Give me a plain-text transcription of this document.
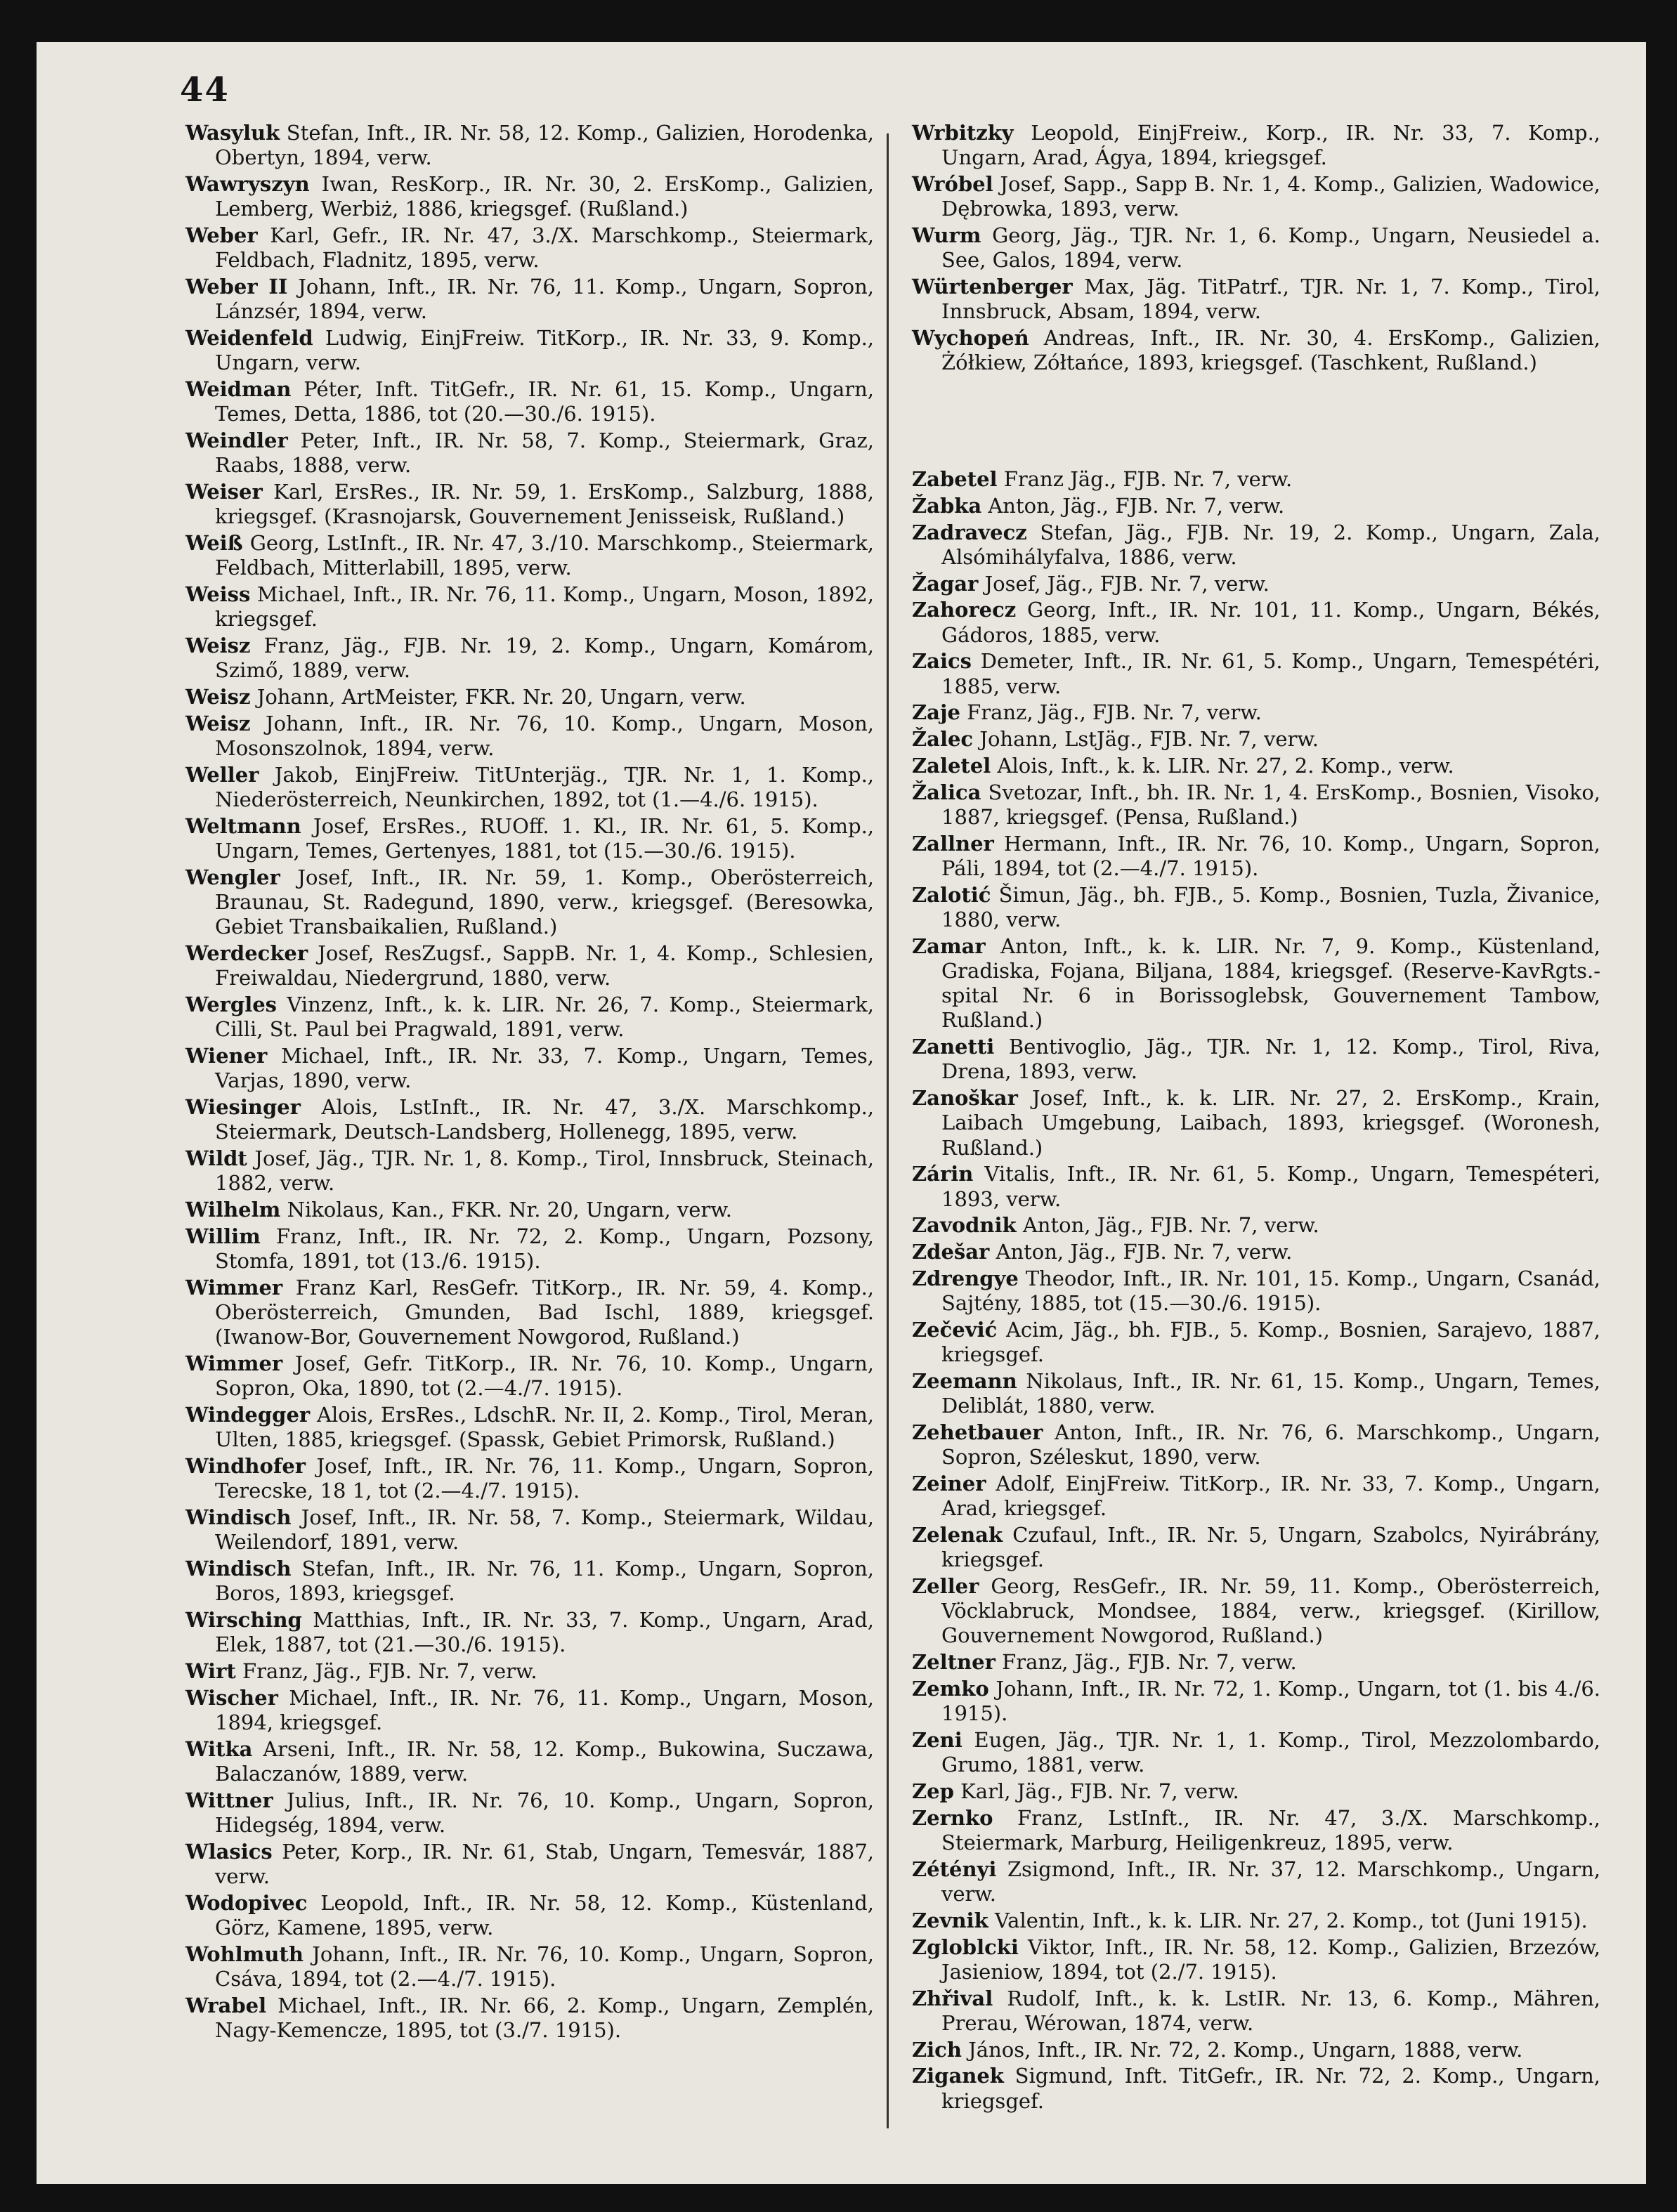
44
Wasyluk Stefan, Inft., IR. Nr. 58, 12. Komp., Galizien, Horodenka, Obertyn, 1894, verw.
Wawryszyn Iwan, ResKorp., IR. Nr. 30, 2. ErsKomp., Galizien, Lemberg, Werbiż, 1886, kriegsgef. (Rußland.)
Weber Karl, Gefr., IR. Nr. 47, 3./X. Marschkomp., Steiermark, Feldbach, Fladnitz, 1895, verw.
Weber II Johann, Inft., IR. Nr. 76, 11. Komp., Ungarn, Sopron, Lánzsér, 1894, verw.
Weidenfeld Ludwig, EinjFreiw. TitKorp., IR. Nr. 33, 9. Komp., Ungarn, verw.
Weidman Péter, Inft. TitGefr., IR. Nr. 61, 15. Komp., Ungarn, Temes, Detta, 1886, tot (20.—30./6. 1915).
Weindler Peter, Inft., IR. Nr. 58, 7. Komp., Steiermark, Graz, Raabs, 1888, verw.
Weiser Karl, ErsRes., IR. Nr. 59, 1. ErsKomp., Salzburg, 1888, kriegsgef. (Krasnojarsk, Gouvernement Jenisseisk, Rußland.)
Weiß Georg, LstInft., IR. Nr. 47, 3./10. Marschkomp., Steiermark, Feldbach, Mitterlabill, 1895, verw.
Weiss Michael, Inft., IR. Nr. 76, 11. Komp., Ungarn, Moson, 1892, kriegsgef.
Weisz Franz, Jäg., FJB. Nr. 19, 2. Komp., Ungarn, Komárom, Szimő, 1889, verw.
Weisz Johann, ArtMeister, FKR. Nr. 20, Ungarn, verw.
Weisz Johann, Inft., IR. Nr. 76, 10. Komp., Ungarn, Moson, Mosonszolnok, 1894, verw.
Weller Jakob, EinjFreiw. TitUnterjäg., TJR. Nr. 1, 1. Komp., Niederösterreich, Neunkirchen, 1892, tot (1.—4./6. 1915).
Weltmann Josef, ErsRes., RUOff. 1. Kl., IR. Nr. 61, 5. Komp., Ungarn, Temes, Gertenyes, 1881, tot (15.—30./6. 1915).
Wengler Josef, Inft., IR. Nr. 59, 1. Komp., Oberösterreich, Braunau, St. Radegund, 1890, verw., kriegsgef. (Beresowka, Gebiet Transbaikalien, Rußland.)
Werdecker Josef, ResZugsf., SappB. Nr. 1, 4. Komp., Schlesien, Freiwaldau, Niedergrund, 1880, verw.
Wergles Vinzenz, Inft., k. k. LIR. Nr. 26, 7. Komp., Steiermark, Cilli, St. Paul bei Pragwald, 1891, verw.
Wiener Michael, Inft., IR. Nr. 33, 7. Komp., Ungarn, Temes, Varjas, 1890, verw.
Wiesinger Alois, LstInft., IR. Nr. 47, 3./X. Marschkomp., Steiermark, Deutsch-Landsberg, Hollenegg, 1895, verw.
Wildt Josef, Jäg., TJR. Nr. 1, 8. Komp., Tirol, Innsbruck, Steinach, 1882, verw.
Wilhelm Nikolaus, Kan., FKR. Nr. 20, Ungarn, verw.
Willim Franz, Inft., IR. Nr. 72, 2. Komp., Ungarn, Pozsony, Stomfa, 1891, tot (13./6. 1915).
Wimmer Franz Karl, ResGefr. TitKorp., IR. Nr. 59, 4. Komp., Oberösterreich, Gmunden, Bad Ischl, 1889, kriegsgef. (Iwanow-Bor, Gouvernement Nowgorod, Rußland.)
Wimmer Josef, Gefr. TitKorp., IR. Nr. 76, 10. Komp., Ungarn, Sopron, Oka, 1890, tot (2.—4./7. 1915).
Windegger Alois, ErsRes., LdschR. Nr. II, 2. Komp., Tirol, Meran, Ulten, 1885, kriegsgef. (Spassk, Gebiet Primorsk, Rußland.)
Windhofer Josef, Inft., IR. Nr. 76, 11. Komp., Ungarn, Sopron, Terecske, 18 1, tot (2.—4./7. 1915).
Windisch Josef, Inft., IR. Nr. 58, 7. Komp., Steiermark, Wildau, Weilendorf, 1891, verw.
Windisch Stefan, Inft., IR. Nr. 76, 11. Komp., Ungarn, Sopron, Boros, 1893, kriegsgef.
Wirsching Matthias, Inft., IR. Nr. 33, 7. Komp., Ungarn, Arad, Elek, 1887, tot (21.—30./6. 1915).
Wirt Franz, Jäg., FJB. Nr. 7, verw.
Wischer Michael, Inft., IR. Nr. 76, 11. Komp., Ungarn, Moson, 1894, kriegsgef.
Witka Arseni, Inft., IR. Nr. 58, 12. Komp., Bukowina, Suczawa, Balaczanów, 1889, verw.
Wittner Julius, Inft., IR. Nr. 76, 10. Komp., Ungarn, Sopron, Hidegség, 1894, verw.
Wlasics Peter, Korp., IR. Nr. 61, Stab, Ungarn, Temesvár, 1887, verw.
Wodopivec Leopold, Inft., IR. Nr. 58, 12. Komp., Küstenland, Görz, Kamene, 1895, verw.
Wohlmuth Johann, Inft., IR. Nr. 76, 10. Komp., Ungarn, Sopron, Csáva, 1894, tot (2.—4./7. 1915).
Wrabel Michael, Inft., IR. Nr. 66, 2. Komp., Ungarn, Zemplén, Nagy-Kemencze, 1895, tot (3./7. 1915).
Wrbitzky Leopold, EinjFreiw., Korp., IR. Nr. 33, 7. Komp., Ungarn, Arad, Ágya, 1894, kriegsgef.
Wróbel Josef, Sapp., Sapp B. Nr. 1, 4. Komp., Galizien, Wadowice, Dębrowka, 1893, verw.
Wurm Georg, Jäg., TJR. Nr. 1, 6. Komp., Ungarn, Neusiedel a. See, Galos, 1894, verw.
Würtenberger Max, Jäg. TitPatrf., TJR. Nr. 1, 7. Komp., Tirol, Innsbruck, Absam, 1894, verw.
Wychopeń Andreas, Inft., IR. Nr. 30, 4. ErsKomp., Galizien, Żółkiew, Zółtańce, 1893, kriegsgef. (Taschkent, Rußland.)
Zabetel Franz Jäg., FJB. Nr. 7, verw.
Žabka Anton, Jäg., FJB. Nr. 7, verw.
Zadravecz Stefan, Jäg., FJB. Nr. 19, 2. Komp., Ungarn, Zala, Alsómihályfalva, 1886, verw.
Žagar Josef, Jäg., FJB. Nr. 7, verw.
Zahorecz Georg, Inft., IR. Nr. 101, 11. Komp., Ungarn, Békés, Gádoros, 1885, verw.
Zaics Demeter, Inft., IR. Nr. 61, 5. Komp., Ungarn, Temespétéri, 1885, verw.
Zaje Franz, Jäg., FJB. Nr. 7, verw.
Žalec Johann, LstJäg., FJB. Nr. 7, verw.
Zaletel Alois, Inft., k. k. LIR. Nr. 27, 2. Komp., verw.
Žalica Svetozar, Inft., bh. IR. Nr. 1, 4. ErsKomp., Bosnien, Visoko, 1887, kriegsgef. (Pensa, Rußland.)
Zallner Hermann, Inft., IR. Nr. 76, 10. Komp., Ungarn, Sopron, Páli, 1894, tot (2.—4./7. 1915).
Zalotić Šimun, Jäg., bh. FJB., 5. Komp., Bosnien, Tuzla, Živanice, 1880, verw.
Zamar Anton, Inft., k. k. LIR. Nr. 7, 9. Komp., Küstenland, Gradiska, Fojana, Biljana, 1884, kriegsgef. (Reserve-KavRgts.-spital Nr. 6 in Borissoglebsk, Gouvernement Tambow, Rußland.)
Zanetti Bentivoglio, Jäg., TJR. Nr. 1, 12. Komp., Tirol, Riva, Drena, 1893, verw.
Zanoškar Josef, Inft., k. k. LIR. Nr. 27, 2. ErsKomp., Krain, Laibach Umgebung, Laibach, 1893, kriegsgef. (Woronesh, Rußland.)
Zárin Vitalis, Inft., IR. Nr. 61, 5. Komp., Ungarn, Temespéteri, 1893, verw.
Zavodnik Anton, Jäg., FJB. Nr. 7, verw.
Zdešar Anton, Jäg., FJB. Nr. 7, verw.
Zdrengye Theodor, Inft., IR. Nr. 101, 15. Komp., Ungarn, Csanád, Sajtény, 1885, tot (15.—30./6. 1915).
Zečević Acim, Jäg., bh. FJB., 5. Komp., Bosnien, Sarajevo, 1887, kriegsgef.
Zeemann Nikolaus, Inft., IR. Nr. 61, 15. Komp., Ungarn, Temes, Deliblát, 1880, verw.
Zehetbauer Anton, Inft., IR. Nr. 76, 6. Marschkomp., Ungarn, Sopron, Széleskut, 1890, verw.
Zeiner Adolf, EinjFreiw. TitKorp., IR. Nr. 33, 7. Komp., Ungarn, Arad, kriegsgef.
Zelenak Czufaul, Inft., IR. Nr. 5, Ungarn, Szabolcs, Nyirábrány, kriegsgef.
Zeller Georg, ResGefr., IR. Nr. 59, 11. Komp., Oberösterreich, Vöcklabruck, Mondsee, 1884, verw., kriegsgef. (Kirillow, Gouvernement Nowgorod, Rußland.)
Zeltner Franz, Jäg., FJB. Nr. 7, verw.
Zemko Johann, Inft., IR. Nr. 72, 1. Komp., Ungarn, tot (1. bis 4./6. 1915).
Zeni Eugen, Jäg., TJR. Nr. 1, 1. Komp., Tirol, Mezzolombardo, Grumo, 1881, verw.
Zep Karl, Jäg., FJB. Nr. 7, verw.
Zernko Franz, LstInft., IR. Nr. 47, 3./X. Marschkomp., Steiermark, Marburg, Heiligenkreuz, 1895, verw.
Zétényi Zsigmond, Inft., IR. Nr. 37, 12. Marschkomp., Ungarn, verw.
Zevnik Valentin, Inft., k. k. LIR. Nr. 27, 2. Komp., tot (Juni 1915).
Zgloblcki Viktor, Inft., IR. Nr. 58, 12. Komp., Galizien, Brzezów, Jasieniow, 1894, tot (2./7. 1915).
Zhřival Rudolf, Inft., k. k. LstIR. Nr. 13, 6. Komp., Mähren, Prerau, Wérowan, 1874, verw.
Zich János, Inft., IR. Nr. 72, 2. Komp., Ungarn, 1888, verw.
Ziganek Sigmund, Inft. TitGefr., IR. Nr. 72, 2. Komp., Ungarn, kriegsgef.
